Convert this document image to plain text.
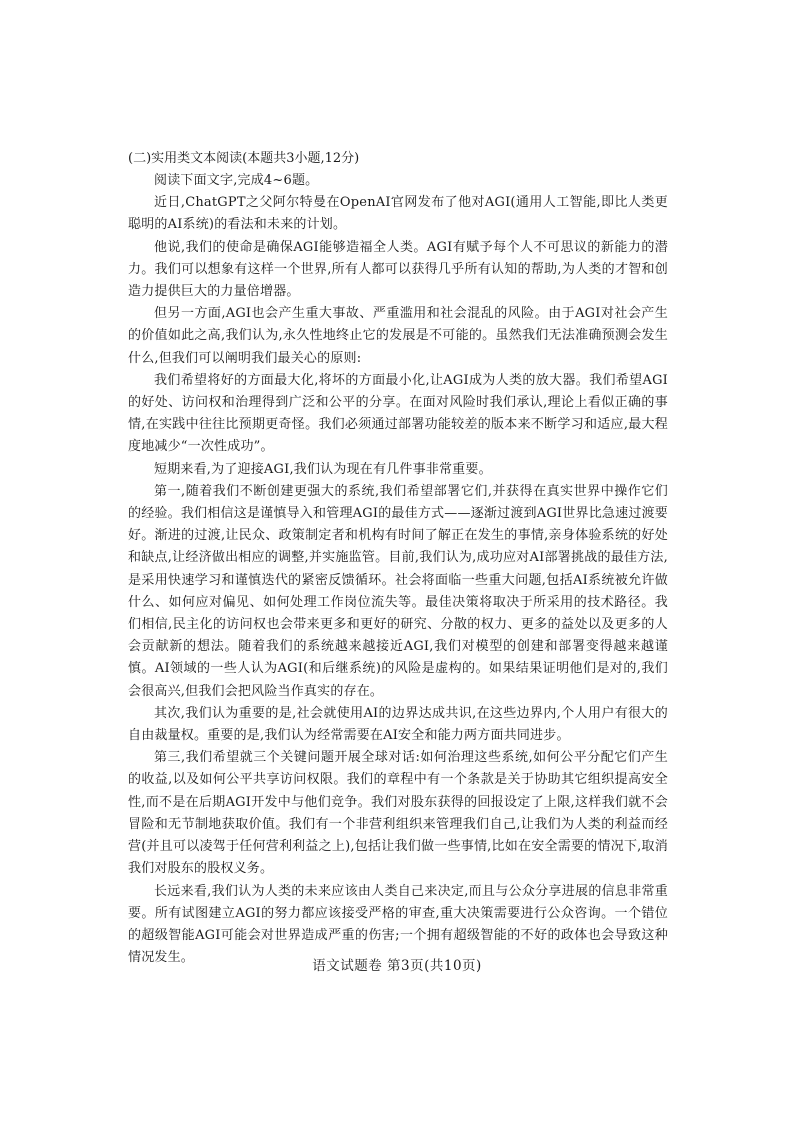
(二)实用类文本阅读(本题共3小题,12分)

阅读下面文字,完成4~6题。

近日,ChatGPT之父阿尔特曼在OpenAI官网发布了他对AGI(通用人工智能,即比人类更聪明的AI系统)的看法和未来的计划。

他说,我们的使命是确保AGI能够造福全人类。AGI有赋予每个人不可思议的新能力的潜力。我们可以想象有这样一个世界,所有人都可以获得几乎所有认知的帮助,为人类的才智和创造力提供巨大的力量倍增器。

但另一方面,AGI也会产生重大事故、严重滥用和社会混乱的风险。由于AGI对社会产生的价值如此之高,我们认为,永久性地终止它的发展是不可能的。虽然我们无法准确预测会发生什么,但我们可以阐明我们最关心的原则:

我们希望将好的方面最大化,将坏的方面最小化,让AGI成为人类的放大器。我们希望AGI的好处、访问权和治理得到广泛和公平的分享。在面对风险时我们承认,理论上看似正确的事情,在实践中往往比预期更奇怪。我们必须通过部署功能较差的版本来不断学习和适应,最大程度地减少“一次性成功”。

短期来看,为了迎接AGI,我们认为现在有几件事非常重要。

第一,随着我们不断创建更强大的系统,我们希望部署它们,并获得在真实世界中操作它们的经验。我们相信这是谨慎导入和管理AGI的最佳方式——逐渐过渡到AGI世界比急速过渡要好。渐进的过渡,让民众、政策制定者和机构有时间了解正在发生的事情,亲身体验系统的好处和缺点,让经济做出相应的调整,并实施监管。目前,我们认为,成功应对AI部署挑战的最佳方法,是采用快速学习和谨慎迭代的紧密反馈循环。社会将面临一些重大问题,包括AI系统被允许做什么、如何应对偏见、如何处理工作岗位流失等。最佳决策将取决于所采用的技术路径。我们相信,民主化的访问权也会带来更多和更好的研究、分散的权力、更多的益处以及更多的人会贡献新的想法。随着我们的系统越来越接近AGI,我们对模型的创建和部署变得越来越谨慎。AI领域的一些人认为AGI(和后继系统)的风险是虚构的。如果结果证明他们是对的,我们会很高兴,但我们会把风险当作真实的存在。

其次,我们认为重要的是,社会就使用AI的边界达成共识,在这些边界内,个人用户有很大的自由裁量权。重要的是,我们认为经常需要在AI安全和能力两方面共同进步。

第三,我们希望就三个关键问题开展全球对话:如何治理这些系统,如何公平分配它们产生的收益,以及如何公平共享访问权限。我们的章程中有一个条款是关于协助其它组织提高安全性,而不是在后期AGI开发中与他们竞争。我们对股东获得的回报设定了上限,这样我们就不会冒险和无节制地获取价值。我们有一个非营利组织来管理我们自己,让我们为人类的利益而经营(并且可以凌驾于任何营利利益之上),包括让我们做一些事情,比如在安全需要的情况下,取消我们对股东的股权义务。

长远来看,我们认为人类的未来应该由人类自己来决定,而且与公众分享进展的信息非常重要。所有试图建立AGI的努力都应该接受严格的审查,重大决策需要进行公众咨询。一个错位的超级智能AGI可能会对世界造成严重的伤害;一个拥有超级智能的不好的政体也会导致这种情况发生。

语文试题卷 第3页(共10页)
